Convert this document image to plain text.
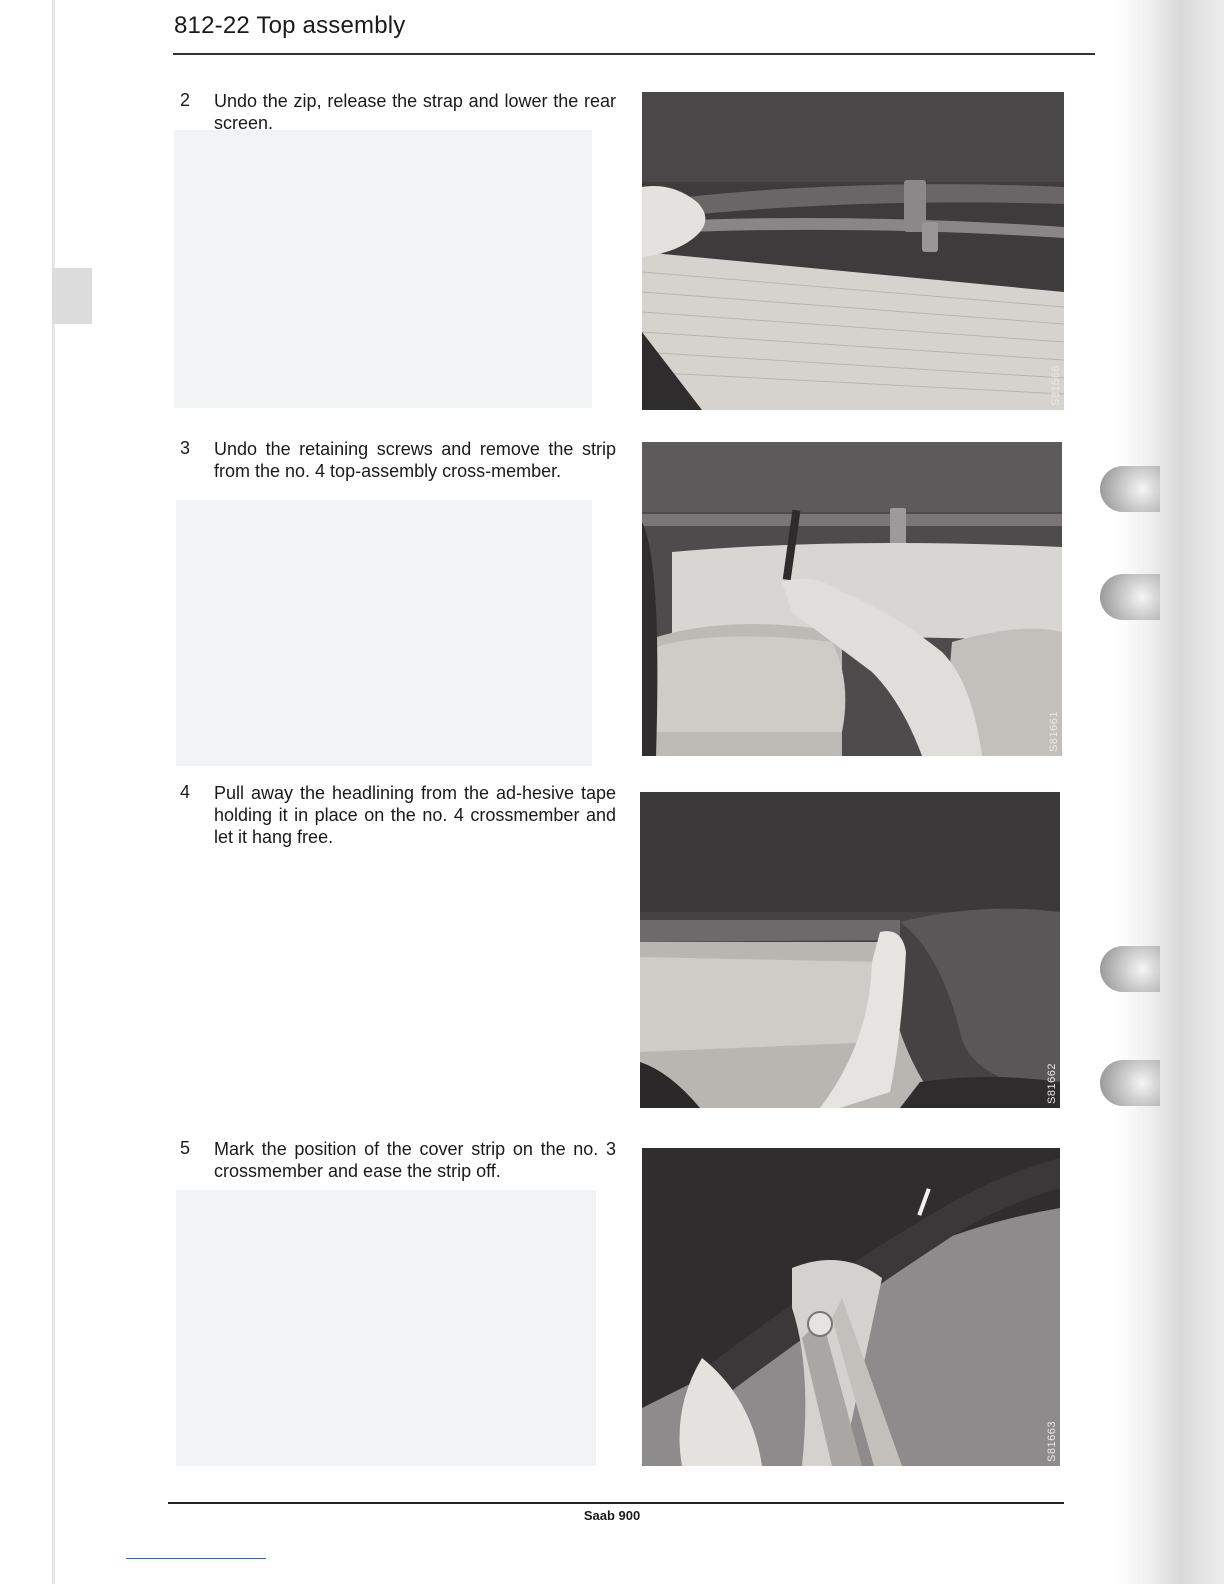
812-22 Top assembly
2 Undo the zip, release the strap and lower the rear screen.

S81566
3 Undo the retaining screws and remove the strip from the no. 4 top-assembly cross-member.

S81661
4 Pull away the headlining from the ad-hesive tape holding it in place on the no. 4 crossmember and let it hang free.

S81662
5 Mark the position of the cover strip on the no. 3 crossmember and ease the strip off.

S81663
Saab 900
